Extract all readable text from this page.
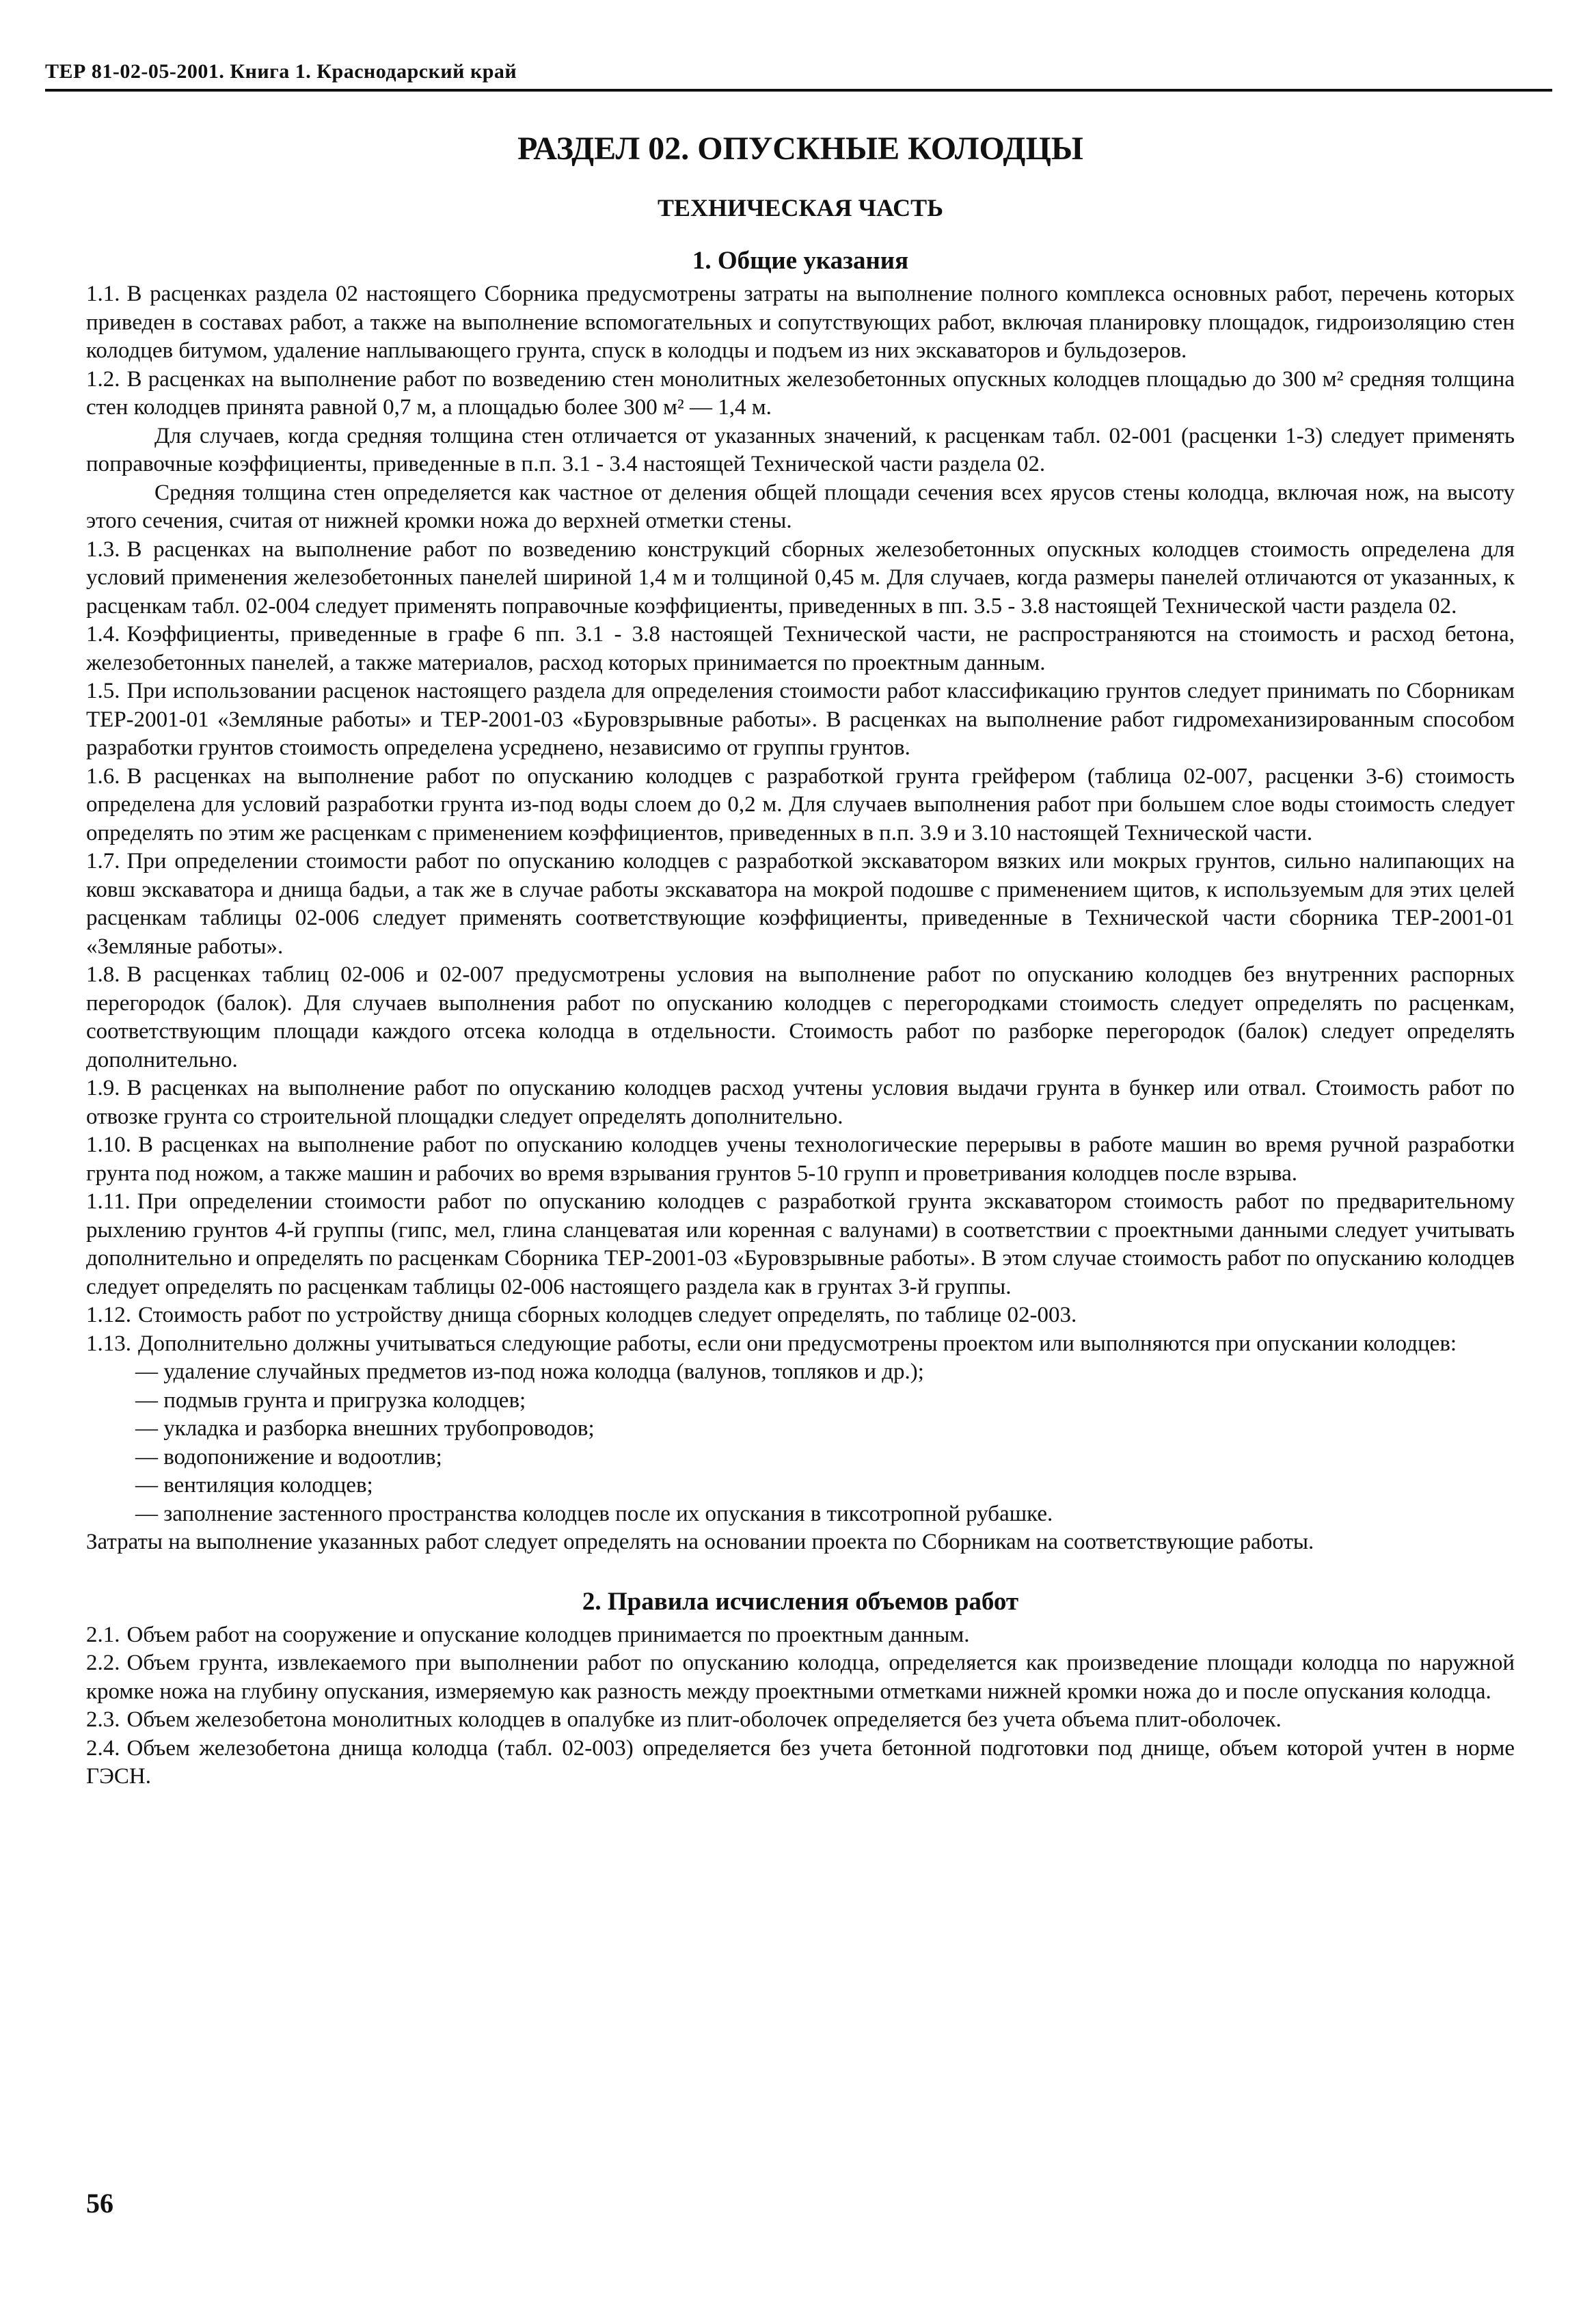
ТЕР 81-02-05-2001. Книга 1. Краснодарский край

РАЗДЕЛ 02. ОПУСКНЫЕ КОЛОДЦЫ

ТЕХНИЧЕСКАЯ ЧАСТЬ

1. Общие указания

1.1. В расценках раздела 02 настоящего Сборника предусмотрены затраты на выполнение полного комплекса основных работ, перечень которых приведен в составах работ, а также на выполнение вспомогательных и сопутствующих работ, включая планировку площадок, гидроизоляцию стен колодцев битумом, удаление наплывающего грунта, спуск в колодцы и подъем из них экскаваторов и бульдозеров.

1.2. В расценках на выполнение работ по возведению стен монолитных железобетонных опускных колодцев площадью до 300 м² средняя толщина стен колодцев принята равной 0,7 м, а площадью более 300 м² — 1,4 м.

Для случаев, когда средняя толщина стен отличается от указанных значений, к расценкам табл. 02-001 (расценки 1-3) следует применять поправочные коэффициенты, приведенные в п.п. 3.1 - 3.4 настоящей Технической части раздела 02.

Средняя толщина стен определяется как частное от деления общей площади сечения всех ярусов стены колодца, включая нож, на высоту этого сечения, считая от нижней кромки ножа до верхней отметки стены.

1.3. В расценках на выполнение работ по возведению конструкций сборных железобетонных опускных колодцев стоимость определена для условий применения железобетонных панелей шириной 1,4 м и толщиной 0,45 м. Для случаев, когда размеры панелей отличаются от указанных, к расценкам табл. 02-004 следует применять поправочные коэффициенты, приведенных в пп. 3.5 - 3.8 настоящей Технической части раздела 02.

1.4. Коэффициенты, приведенные в графе 6 пп. 3.1 - 3.8 настоящей Технической части, не распространяются на стоимость и расход бетона, железобетонных панелей, а также материалов, расход которых принимается по проектным данным.

1.5. При использовании расценок настоящего раздела для определения стоимости работ классификацию грунтов следует принимать по Сборникам ТЕР-2001-01 «Земляные работы» и ТЕР-2001-03 «Буровзрывные работы». В расценках на выполнение работ гидромеханизированным способом разработки грунтов стоимость определена усреднено, независимо от группы грунтов.

1.6. В расценках на выполнение работ по опусканию колодцев с разработкой грунта грейфером (таблица 02-007, расценки 3-6) стоимость определена для условий разработки грунта из-под воды слоем до 0,2 м. Для случаев выполнения работ при большем слое воды стоимость следует определять по этим же расценкам с применением коэффициентов, приведенных в п.п. 3.9 и 3.10 настоящей Технической части.

1.7. При определении стоимости работ по опусканию колодцев с разработкой экскаватором вязких или мокрых грунтов, сильно налипающих на ковш экскаватора и днища бадьи, а так же в случае работы экскаватора на мокрой подошве с применением щитов, к используемым для этих целей расценкам таблицы 02-006 следует применять соответствующие коэффициенты, приведенные в Технической части сборника ТЕР-2001-01 «Земляные работы».

1.8. В расценках таблиц 02-006 и 02-007 предусмотрены условия на выполнение работ по опусканию колодцев без внутренних распорных перегородок (балок). Для случаев выполнения работ по опусканию колодцев с перегородками стоимость следует определять по расценкам, соответствующим площади каждого отсека колодца в отдельности. Стоимость работ по разборке перегородок (балок) следует определять дополнительно.

1.9. В расценках на выполнение работ по опусканию колодцев расход учтены условия выдачи грунта в бункер или отвал. Стоимость работ по отвозке грунта со строительной площадки следует определять дополнительно.

1.10. В расценках на выполнение работ по опусканию колодцев учены технологические перерывы в работе машин во время ручной разработки грунта под ножом, а также машин и рабочих во время взрывания грунтов 5-10 групп и проветривания колодцев после взрыва.

1.11. При определении стоимости работ по опусканию колодцев с разработкой грунта экскаватором стоимость работ по предварительному рыхлению грунтов 4-й группы (гипс, мел, глина сланцеватая или коренная с валунами) в соответствии с проектными данными следует учитывать дополнительно и определять по расценкам Сборника ТЕР-2001-03 «Буровзрывные работы». В этом случае стоимость работ по опусканию колодцев следует определять по расценкам таблицы 02-006 настоящего раздела как в грунтах 3-й группы.

1.12. Стоимость работ по устройству днища сборных колодцев следует определять, по таблице 02-003.

1.13. Дополнительно должны учитываться следующие работы, если они предусмотрены проектом или выполняются при опускании колодцев:

— удаление случайных предметов из-под ножа колодца (валунов, топляков и др.);
— подмыв грунта и пригрузка колодцев;
— укладка и разборка внешних трубопроводов;
— водопонижение и водоотлив;
— вентиляция колодцев;
— заполнение застенного пространства колодцев после их опускания в тиксотропной рубашке.

Затраты на выполнение указанных работ следует определять на основании проекта по Сборникам на соответствующие работы.

2. Правила исчисления объемов работ

2.1. Объем работ на сооружение и опускание колодцев принимается по проектным данным.

2.2. Объем грунта, извлекаемого при выполнении работ по опусканию колодца, определяется как произведение площади колодца по наружной кромке ножа на глубину опускания, измеряемую как разность между проектными отметками нижней кромки ножа до и после опускания колодца.

2.3. Объем железобетона монолитных колодцев в опалубке из плит-оболочек определяется без учета объема плит-оболочек.

2.4. Объем железобетона днища колодца (табл. 02-003) определяется без учета бетонной подготовки под днище, объем которой учтен в норме ГЭСН.

56
